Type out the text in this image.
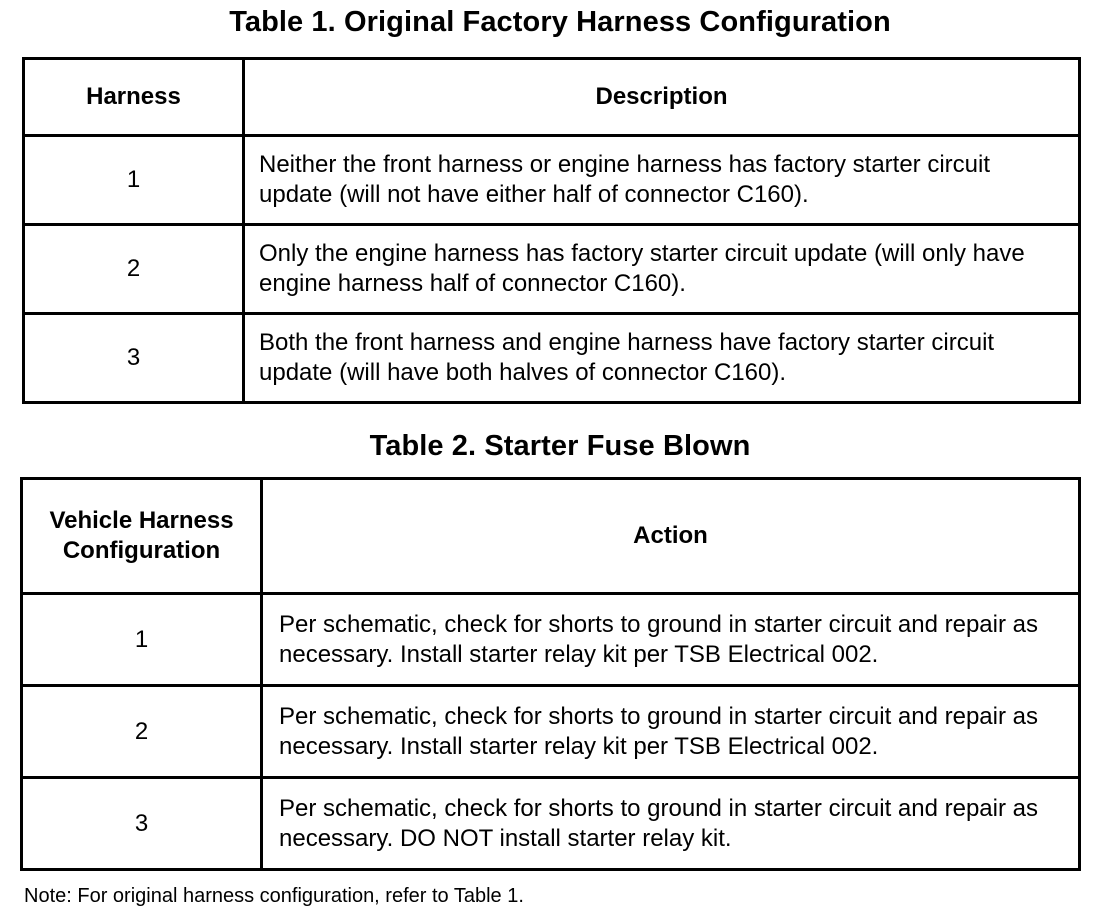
Table 1. Original Factory Harness Configuration
Harness	Description
1	Neither the front harness or engine harness has factory starter circuit update (will not have either half of connector C160).
2	Only the engine harness has factory starter circuit update (will only have engine harness half of connector C160).
3	Both the front harness and engine harness have factory starter circuit update (will have both halves of connector C160).
Table 2. Starter Fuse Blown
Vehicle Harness Configuration	Action
1	Per schematic, check for shorts to ground in starter circuit and repair as necessary. Install starter relay kit per TSB Electrical 002.
2	Per schematic, check for shorts to ground in starter circuit and repair as necessary. Install starter relay kit per TSB Electrical 002.
3	Per schematic, check for shorts to ground in starter circuit and repair as necessary. DO NOT install starter relay kit.
Note: For original harness configuration, refer to Table 1.
